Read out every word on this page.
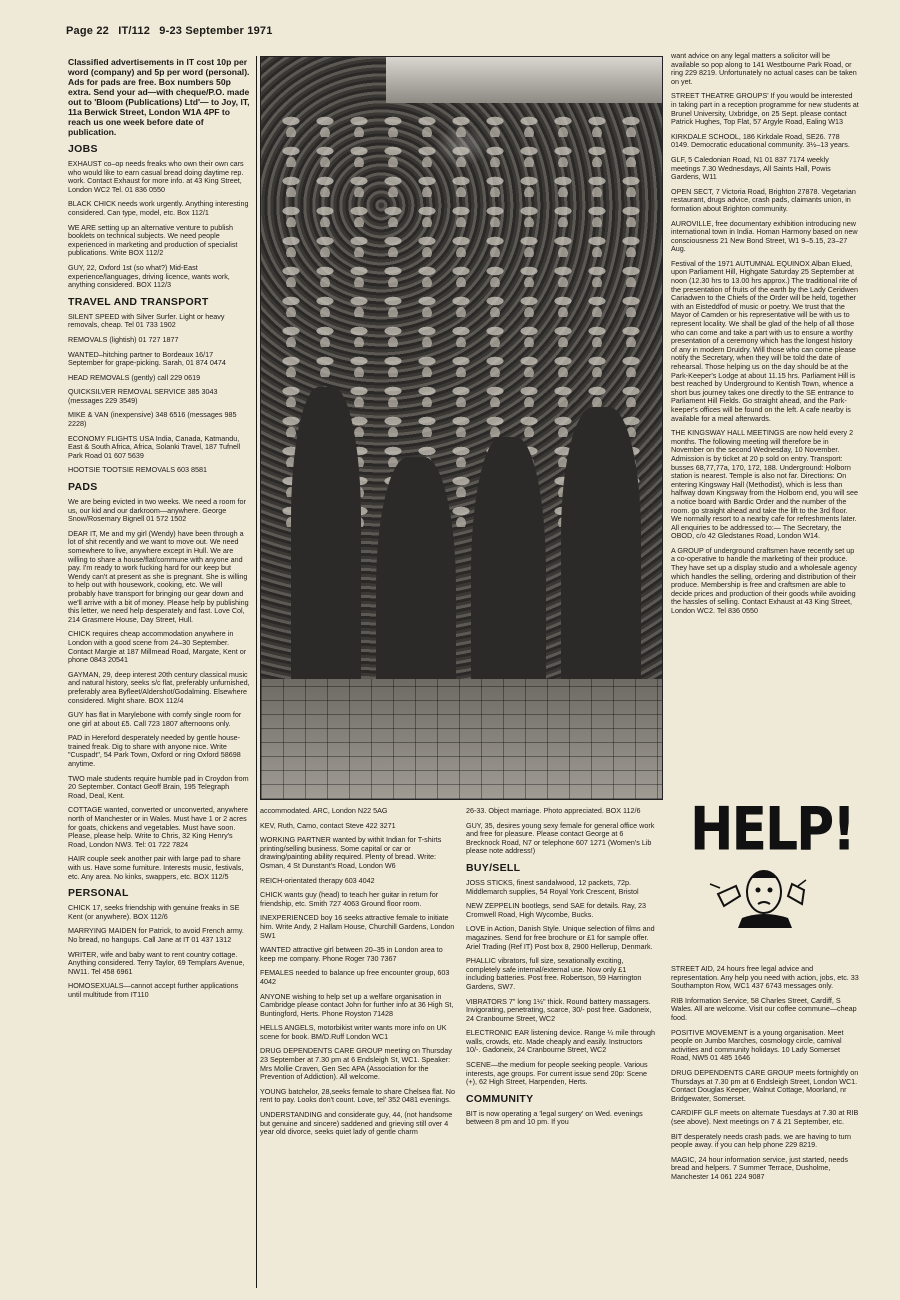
Page 22 IT/112 9-23 September 1971
Classified advertisements in IT cost 10p per word (company) and 5p per word (personal). Ads for pads are free. Box numbers 50p extra. Send your ad—with cheque/P.O. made out to 'Bloom (Publications) Ltd'— to Joy, IT, 11a Berwick Street, London W1A 4PF to reach us one week before date of publication.
JOBS

EXHAUST co–op needs freaks who own their own cars who would like to earn casual bread doing daytime rep. work. Contact Exhaust for more info. at 43 King Street, London WC2 Tel. 01 836 0550

BLACK CHICK needs work urgently. Anything interesting considered. Can type, model, etc. Box 112/1

WE ARE setting up an alternative venture to publish booklets on technical subjects. We need people experienced in marketing and production of specialist publications. Write BOX 112/2

GUY, 22, Oxford 1st (so what?) Mid-East experience/languages, driving licence, wants work, anything considered. BOX 112/3

TRAVEL AND TRANSPORT

SILENT SPEED with Silver Surfer. Light or heavy removals, cheap. Tel 01 733 1902

REMOVALS (lightish) 01 727 1877

WANTED–hitching partner to Bordeaux 16/17 September for grape-picking. Sarah, 01 874 0474

HEAD REMOVALS (gently) call 229 0619

QUICKSILVER REMOVAL SERVICE 385 3043 (messages 229 3549)

MIKE & VAN (inexpensive) 348 6516 (messages 985 2228)

ECONOMY FLIGHTS USA India, Canada, Katmandu, East & South Africa, Africa, Solanki Travel, 187 Tufnell Park Road 01 607 5639

HOOTSIE TOOTSIE REMOVALS 603 8581

PADS

We are being evicted in two weeks. We need a room for us, our kid and our darkroom—anywhere. George Snow/Rosemary Bignell 01 572 1502

DEAR IT, Me and my girl (Wendy) have been through a lot of shit recently and we want to move out. We need somewhere to live, anywhere except in Hull. We are willing to share a house/flat/commune with anyone and pay. I'm ready to work fucking hard for our keep but Wendy can't at present as she is pregnant. She is willing to help out with housework, cooking, etc. We will probably have transport for bringing our gear down and we'll arrive with a bit of money. Please help by publishing this letter, we need help desperately and fast. Love Col, 214 Grasmere House, Day Street, Hull.

CHICK requires cheap accommodation anywhere in London with a good scene from 24–30 September. Contact Margie at 187 Millmead Road, Margate, Kent or phone 0843 20541

GAYMAN, 29, deep interest 20th century classical music and natural history, seeks s/c flat, preferably unfurnished, preferably area Byfleet/Aldershot/Godalming. Elsewhere considered. Might share. BOX 112/4

GUY has flat in Marylebone with comfy single room for one girl at about £5. Call 723 1807 afternoons only.

PAD in Hereford desperately needed by gentle house-trained freak. Dig to share with anyone nice. Write "Cuspadt", 54 Park Town, Oxford or ring Oxford 58698 anytime.

TWO male students require humble pad in Croydon from 20 September. Contact Geoff Brain, 195 Telegraph Road, Deal, Kent.

COTTAGE wanted, converted or unconverted, anywhere north of Manchester or in Wales. Must have 1 or 2 acres for goats, chickens and vegetables. Must have soon. Please, please help. Write to Chris, 32 King Henry's Road, London NW3. Tel: 01 722 7824

HAIR couple seek another pair with large pad to share with us. Have some furniture. Interests music, festivals, etc. Any area. No kinks, swappers, etc. BOX 112/5

PERSONAL

CHICK 17, seeks friendship with genuine freaks in SE Kent (or anywhere). BOX 112/6

MARRYING MAIDEN for Patrick, to avoid French army. No bread, no hangups. Call Jane at IT 01 437 1312

WRITER, wife and baby want to rent country cottage. Anything considered. Terry Taylor, 69 Templars Avenue, NW11. Tel 458 6961

HOMOSEXUALS—cannot accept further applications until multitude from IT110

accommodated. ARC, London N22 5AG

KEV, Ruth, Camo, contact Steve 422 3271

WORKING PARTNER wanted by withit Indian for T-shirts printing/selling business. Some capital or car or drawing/painting ability required. Plenty of bread. Write: Osman, 4 St Dunstant's Road, London W6

REICH-orientated therapy 603 4042

CHICK wants guy (head) to teach her guitar in return for friendship, etc. Smith 727 4063 Ground floor room.

INEXPERIENCED boy 16 seeks attractive female to initiate him. Write Andy, 2 Hallam House, Churchill Gardens, London SW1

WANTED attractive girl between 20–35 in London area to keep me company. Phone Roger 730 7367

FEMALES needed to balance up free encounter group, 603 4042

ANYONE wishing to help set up a welfare organisation in Cambridge please contact John for further info at 36 High St, Buntingford, Herts. Phone Royston 71428

HELLS ANGELS, motorbikist writer wants more info on UK scene for book. BM/D.Ruff London WC1

DRUG DEPENDENTS CARE GROUP meeting on Thursday 23 September at 7.30 pm at 6 Endsleigh St, WC1. Speaker: Mrs Mollie Craven, Gen Sec APA (Association for the Prevention of Addiction). All welcome.

YOUNG batchelor, 28,seeks female to share Chelsea flat. No rent to pay. Looks don't count. Love, tel' 352 0481 evenings.

UNDERSTANDING and considerate guy, 44, (not handsome but genuine and sincere) saddened and grieving still over 4 year old divorce, seeks quiet lady of gentle charm

26-33. Object marriage. Photo appreciated. BOX 112/6

GUY, 35, desires young sexy female for general office work and free for pleasure. Please contact George at 6 Brecknock Road, N7 or telephone 607 1271 (Women's Lib please note address!)

BUY/SELL

JOSS STICKS, finest sandalwood, 12 packets, 72p. Middlemarch supplies, 54 Royal York Crescent, Bristol

NEW ZEPPELIN bootlegs, send SAE for details. Ray, 23 Cromwell Road, High Wycombe, Bucks.

LOVE in Action, Danish Style. Unique selection of films and magazines. Send for free brochure or £1 for sample offer. Ariel Trading (Ref IT) Post box 8, 2900 Hellerup, Denmark.

PHALLIC vibrators, full size, sexationally exciting, completely safe internal/external use. Now only £1 including batteries. Post free. Robertson, 59 Harrington Gardens, SW7.

VIBRATORS 7" long 1½" thick. Round battery massagers. Invigorating, penetrating, scarce, 30/- post free. Gadoneix, 24 Cranbourne Street, WC2

ELECTRONIC EAR listening device. Range ¼ mile through walls, crowds, etc. Made cheaply and easily. Instructors 10/-. Gadoneix, 24 Cranbourne Street, WC2

SCENE—the medium for people seeking people. Various interests, age groups. For current issue send 20p: Scene (+), 62 High Street, Harpenden, Herts.

COMMUNITY

BIT is now operating a 'legal surgery' on Wed. evenings between 8 pm and 10 pm. If you

want advice on any legal matters a solicitor will be available so pop along to 141 Westbourne Park Road, or ring 229 8219. Unfortunately no actual cases can be taken on yet.

STREET THEATRE GROUPS' If you would be interested in taking part in a reception programme for new students at Brunel University, Uxbridge, on 25 Sept. please contact Patrick Hughes, Top Flat, 57 Argyle Road, Ealing W13

KIRKDALE SCHOOL, 186 Kirkdale Road, SE26. 778 0149. Democratic educational community. 3½–13 years.

GLF, 5 Caledonian Road, N1 01 837 7174 weekly meetings 7.30 Wednesdays, All Saints Hall, Powis Gardens, W11

OPEN SECT, 7 Victoria Road, Brighton 27878. Vegetarian restaurant, drugs advice, crash pads, claimants union, in formation about Brighton community.

AUROVILLE, free documentary exhibition introducing new international town in India. Homan Harmony based on new consciousness 21 New Bond Street, W1 9–5.15, 23–27 Aug.

Festival of the 1971 AUTUMNAL EQUINOX Alban Elued, upon Parliament Hill, Highgate Saturday 25 September at noon (12.30 hrs to 13.00 hrs approx.) The traditional rite of the presentation of fruits of the earth by the Lady Ceridwen Cariadwen to the Chiefs of the Order will be held, together with an Eisteddfod of music or poetry. We trust that the Mayor of Camden or his representative will be with us to represent locality. We shall be glad of the help of all those who can come and take a part with us to ensure a worthy presentation of a ceremony which has the longest history of any in modern Druidry. Will those who can come please notify the Secretary, when they will be told the date of rehearsal. Those helping us on the day should be at the Park-Keeper's Lodge at about 11.15 hrs. Parliament Hill is best reached by Underground to Kentish Town, whence a short bus journey takes one directly to the SE entrance to Parliament Hill Fields. Go straight ahead, and the Park-keeper's offices will be found on the left. A cafe nearby is available for a meal afterwards.

THE KINGSWAY HALL MEETINGS are now held every 2 months. The following meeting will therefore be in November on the second Wednesday, 10 November. Admission is by ticket at 20 p sold on entry. Transport: busses 68,77,77a, 170, 172, 188. Underground: Holborn station is nearest. Temple is also not far. Directions: On entering Kingsway Hall (Methodist), which is less than halfway down Kingsway from the Holborn end, you will see a notice board with Bardic Order and the number of the room. go straight ahead and take the lift to the 3rd floor. We normally resort to a nearby cafe for refreshments later. All enquiries to be addressed to:— The Secretary, the OBOD, c/o 42 Gledstanes Road, London W14.

A GROUP of underground craftsmen have recently set up a co-operative to handle the marketing of their produce. They have set up a display studio and a wholesale agency which handles the selling, ordering and distribution of their produce. Membership is free and craftsmen are able to decide prices and production of their goods while avoiding the hassles of selling. Contact Exhaust at 43 King Street, London WC2. Tel 836 0550

HELP!

STREET AID, 24 hours free legal advice and representation. Any help you need with action, jobs, etc. 33 Southampton Row, WC1 437 6743 messages only.

RIB Information Service, 58 Charles Street, Cardiff, S Wales. All are welcome. Visit our coffee commune—cheap food.

POSITIVE MOVEMENT is a young organisation. Meet people on Jumbo Marches, cosmology circle, carnival activities and community holidays. 10 Lady Somerset Road, NW5 01 485 1646

DRUG DEPENDENTS CARE GROUP meets fortnightly on Thursdays at 7.30 pm at 6 Endsleigh Street, London WC1. Contact Douglas Keeper, Walnut Cottage, Moorland, nr Bridgewater, Somerset.

CARDIFF GLF meets on alternate Tuesdays at 7.30 at RIB (see above). Next meetings on 7 & 21 September, etc.

BIT desperately needs crash pads. we are having to turn people away. if you can help phone 229 8219.

MAGIC, 24 hour information service, just started, needs bread and helpers. 7 Summer Terrace, Dusholme, Manchester 14 061 224 9087
